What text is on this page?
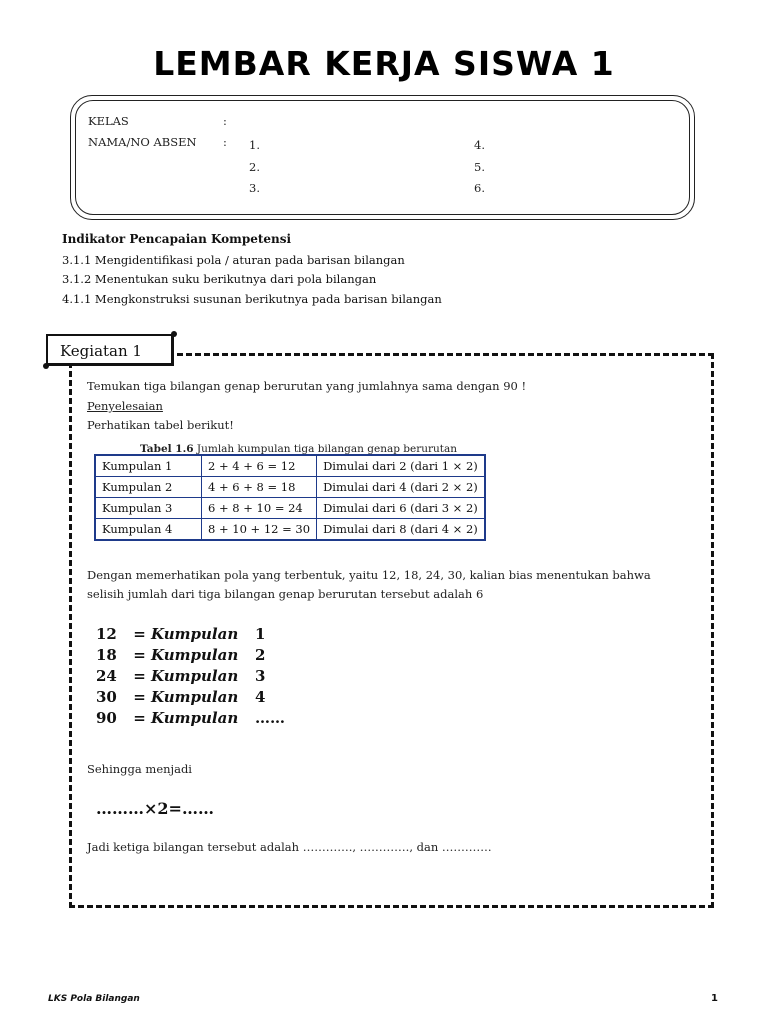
LEMBAR KERJA SISWA 1
KELAS	:
NAMA/NO ABSEN : 1.
2.
3.
4.
5.
6.
Indikator Pencapaian Kompetensi
3.1.1 Mengidentifikasi pola / aturan pada barisan bilangan
3.1.2 Menentukan suku berikutnya dari pola bilangan
4.1.1 Mengkonstruksi susunan berikutnya pada barisan bilangan
Kegiatan 1
Temukan tiga bilangan genap berurutan yang jumlahnya sama dengan 90 !
Penyelesaian
Perhatikan tabel berikut!
Tabel 1.6 Jumlah kumpulan tiga bilangan genap berurutan
Kumpulan 1	2 + 4 + 6 = 12	Dimulai dari 2 (dari 1 × 2)
Kumpulan 2	4 + 6 + 8 = 18	Dimulai dari 4 (dari 2 × 2)
Kumpulan 3	6 + 8 + 10 = 24	Dimulai dari 6 (dari 3 × 2)
Kumpulan 4	8 + 10 + 12 = 30	Dimulai dari 8 (dari 4 × 2)
Dengan memerhatikan pola yang terbentuk, yaitu 12, 18, 24, 30, kalian bias menentukan bahwa
selisih jumlah dari tiga bilangan genap berurutan tersebut adalah 6
12 = Kumpulan 1
18 = Kumpulan 2
24 = Kumpulan 3
30 = Kumpulan 4
90 = Kumpulan ……
Sehingga menjadi
………×2=……
Jadi ketiga bilangan tersebut adalah …………., …………., dan ………….
LKS Pola Bilangan	1
